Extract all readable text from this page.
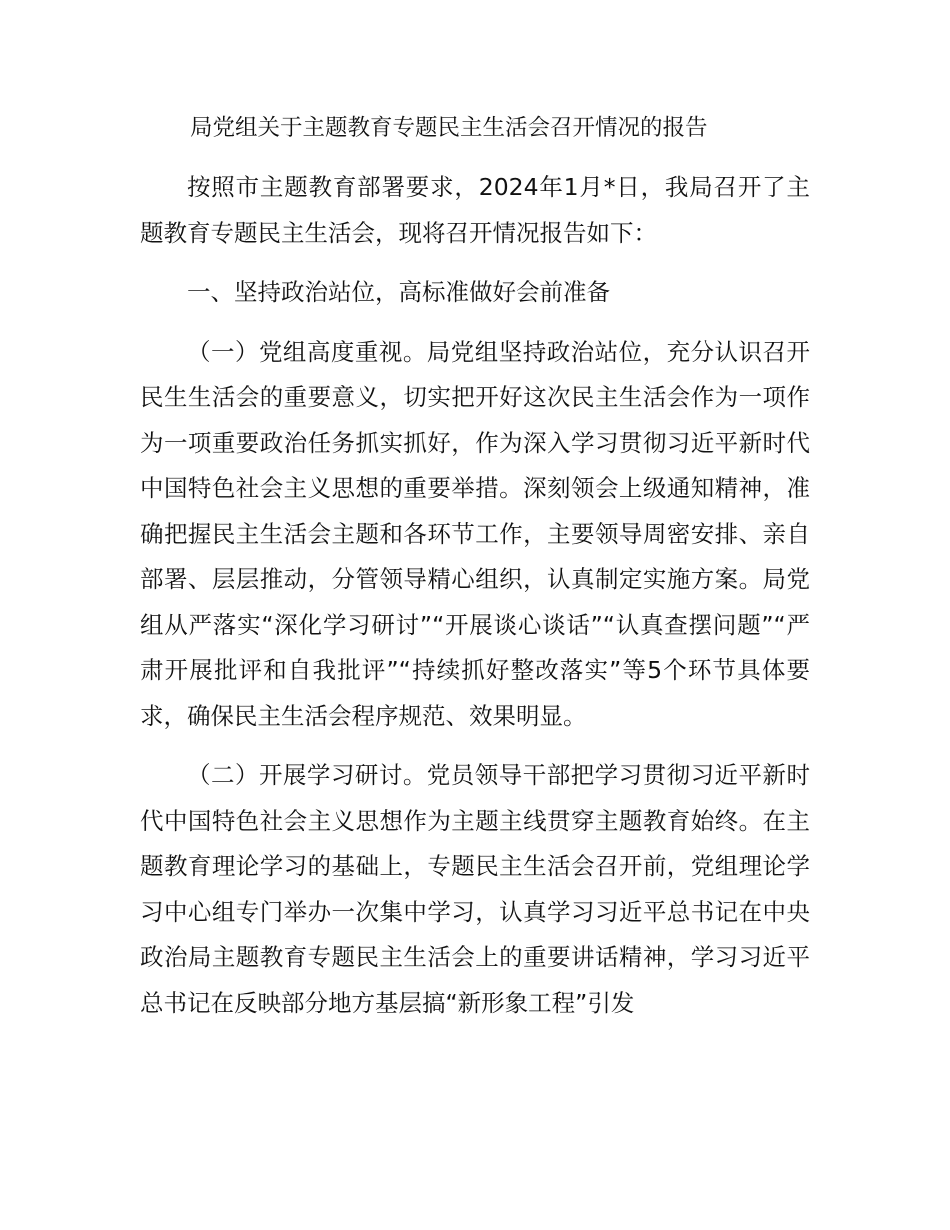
局党组关于主题教育专题民主生活会召开情况的报告

按照市主题教育部署要求，2024年1月*日，我局召开了主题教育专题民主生活会，现将召开情况报告如下：

一、坚持政治站位，高标准做好会前准备

（一）党组高度重视。局党组坚持政治站位，充分认识召开民生生活会的重要意义，切实把开好这次民主生活会作为一项作为一项重要政治任务抓实抓好，作为深入学习贯彻习近平新时代中国特色社会主义思想的重要举措。深刻领会上级通知精神，准确把握民主生活会主题和各环节工作，主要领导周密安排、亲自部署、层层推动，分管领导精心组织，认真制定实施方案。局党组从严落实“深化学习研讨”“开展谈心谈话”“认真查摆问题”“严肃开展批评和自我批评”“持续抓好整改落实”等5个环节具体要求，确保民主生活会程序规范、效果明显。

（二）开展学习研讨。党员领导干部把学习贯彻习近平新时代中国特色社会主义思想作为主题主线贯穿主题教育始终。在主题教育理论学习的基础上，专题民主生活会召开前，党组理论学习中心组专门举办一次集中学习，认真学习习近平总书记在中央政治局主题教育专题民主生活会上的重要讲话精神，学习习近平总书记在反映部分地方基层搞“新形象工程”引发
